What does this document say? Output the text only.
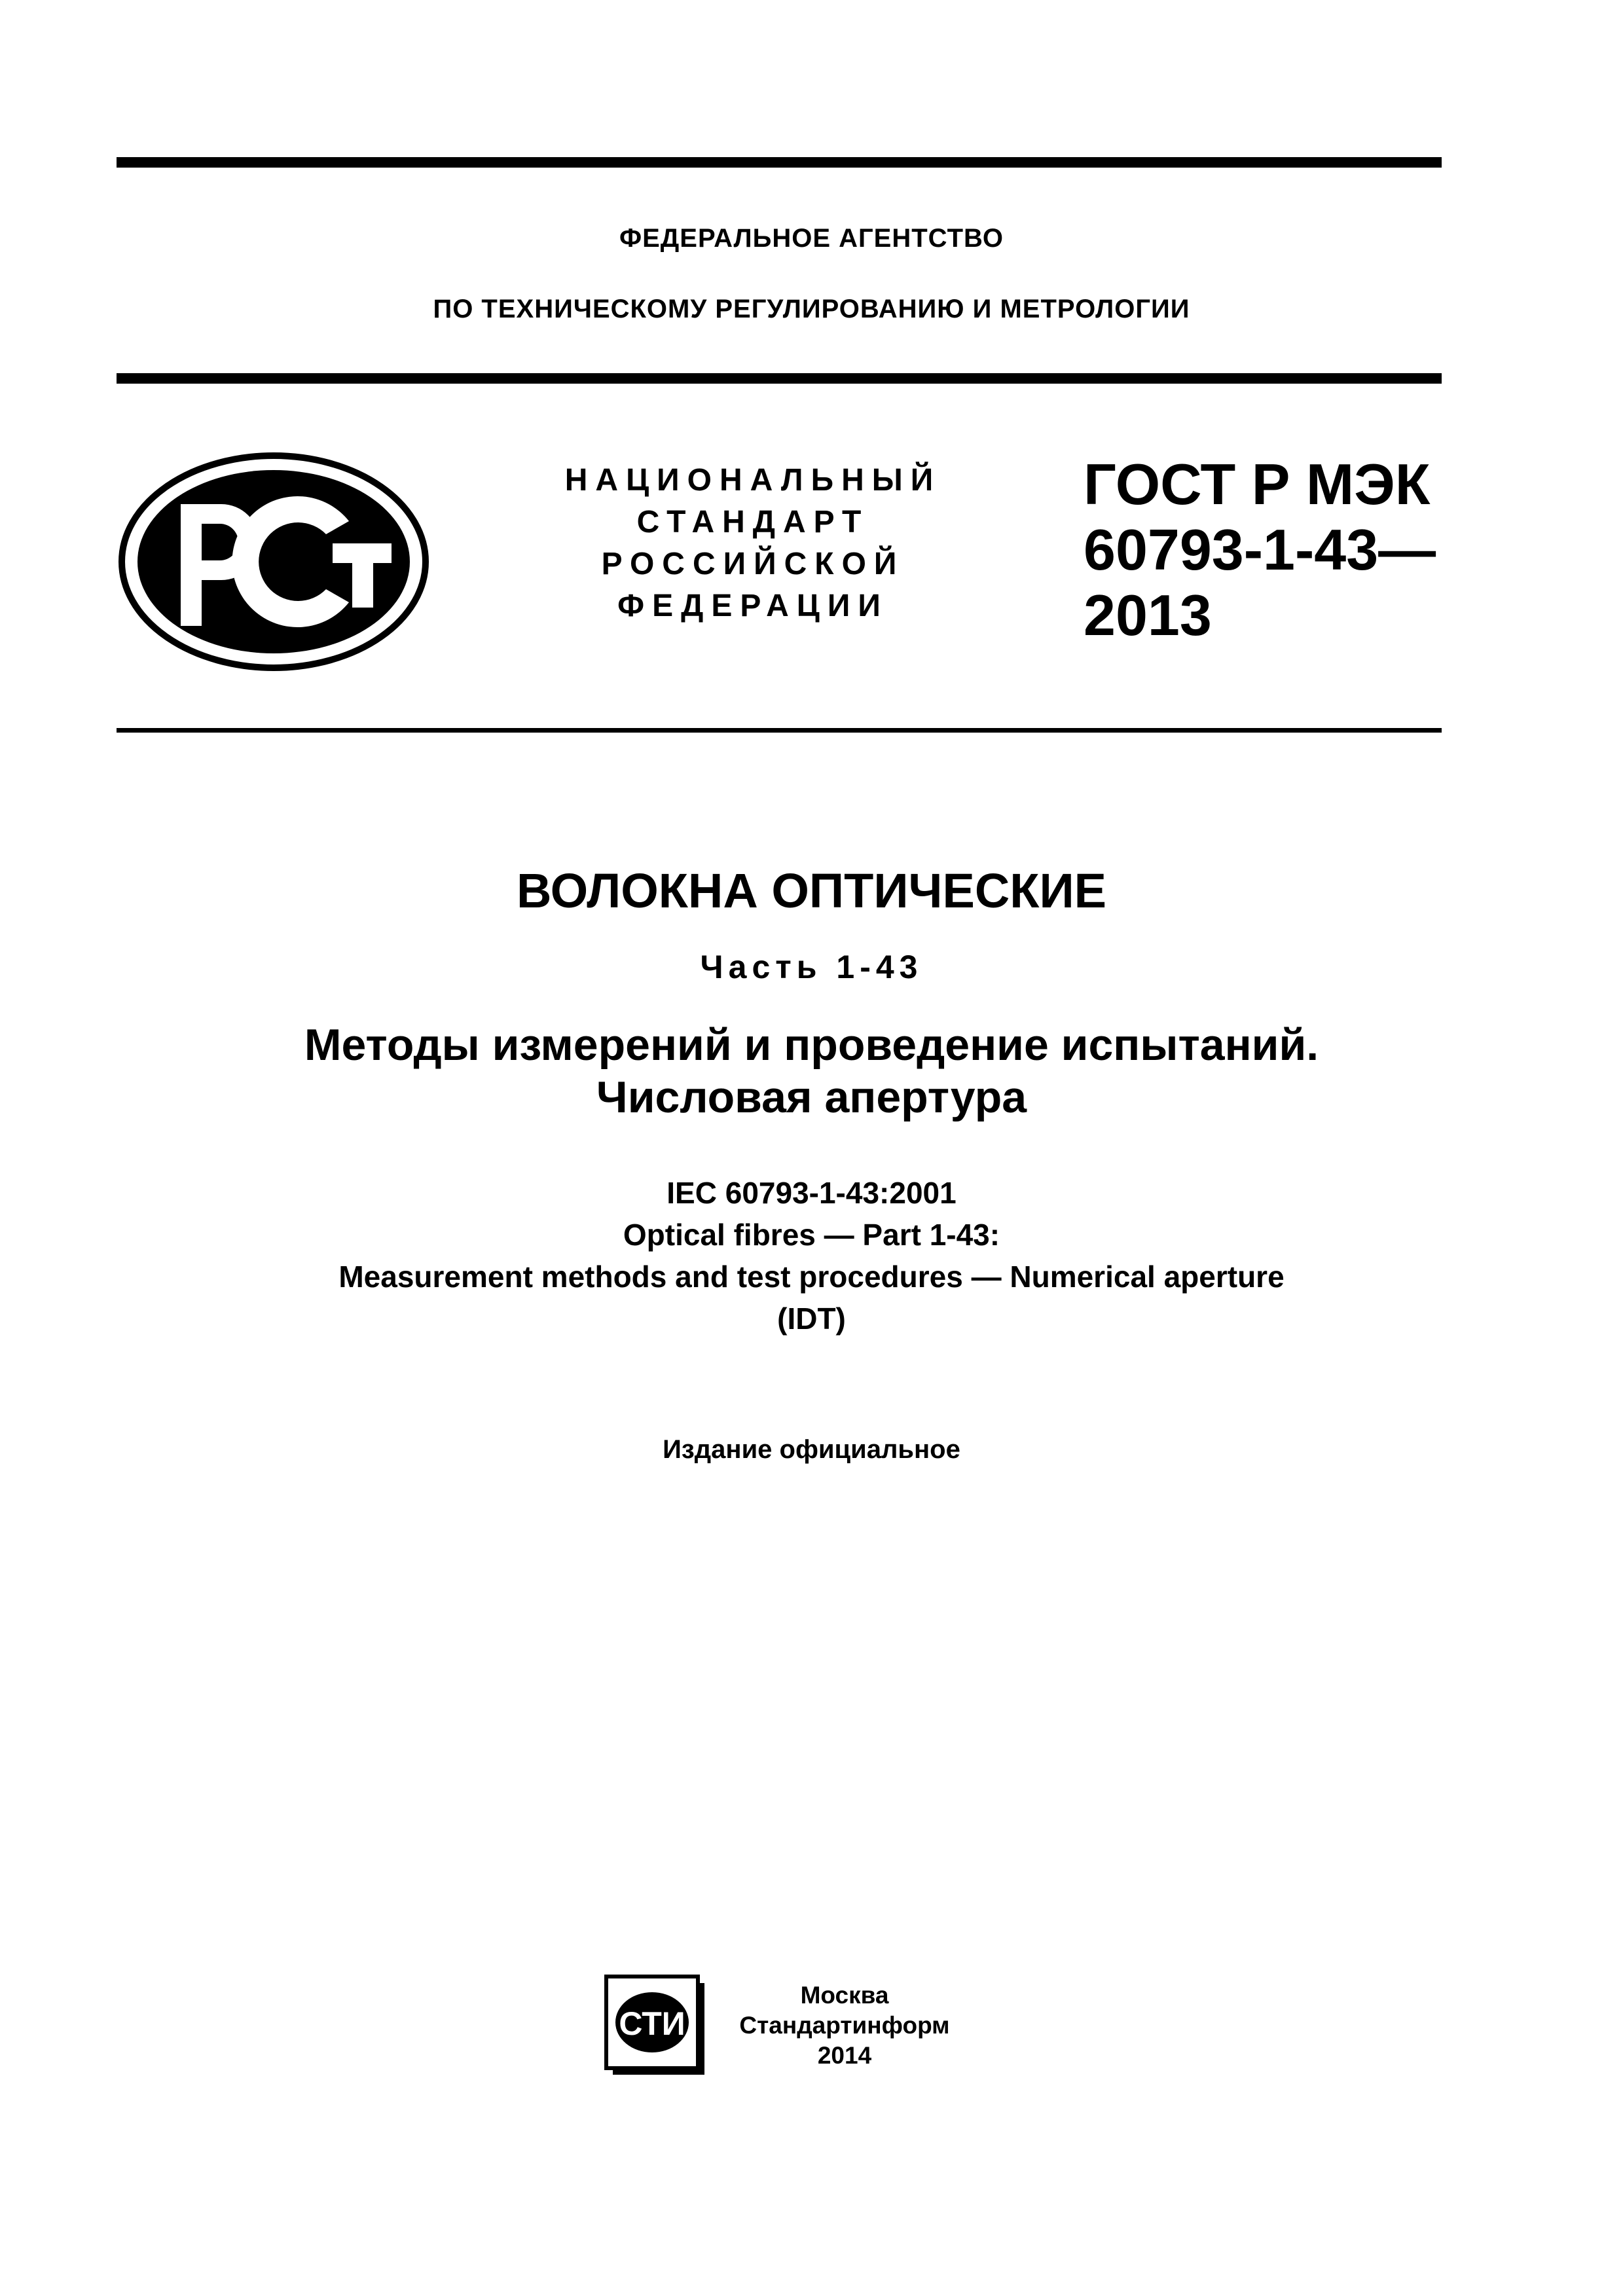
ФЕДЕРАЛЬНОЕ АГЕНТСТВО
ПО ТЕХНИЧЕСКОМУ РЕГУЛИРОВАНИЮ И МЕТРОЛОГИИ
НАЦИОНАЛЬНЫЙ
СТАНДАРТ
РОССИЙСКОЙ
ФЕДЕРАЦИИ
ГОСТ Р МЭК
60793-1-43—
2013
ВОЛОКНА ОПТИЧЕСКИЕ
Часть 1-43
Методы измерений и проведение испытаний.
Числовая апертура
IEC 60793-1-43:2001
Optical fibres — Part 1-43:
Measurement methods and test procedures — Numerical aperture
(IDT)
Издание официальное
СТИ
Москва
Стандартинформ
2014
